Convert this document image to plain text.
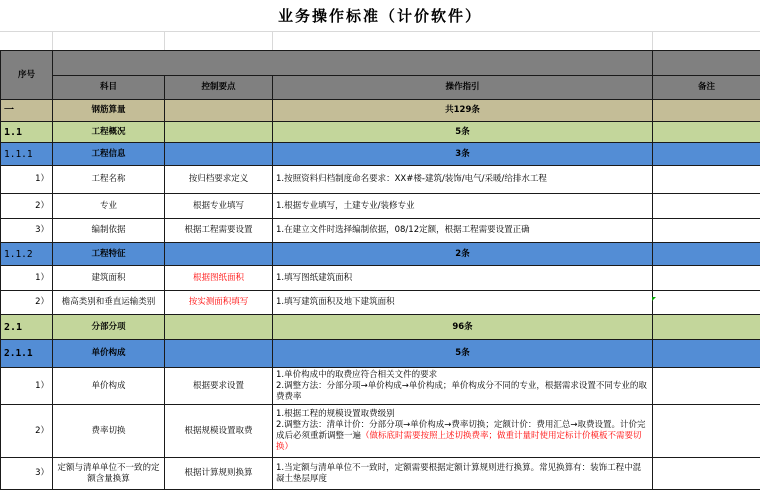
业务操作标准（计价软件）
序号				
	科目	控制要点	操作指引	备注
一	钢筋算量		共129条	
1.1	工程概况		5条	
1.1.1	工程信息		3条	
1）	工程名称	按归档要求定义	1.按照资料归档制度命名要求：XX#楼-建筑/装饰/电气/采暖/给排水工程	
2）	专业	根据专业填写	1.根据专业填写，土建专业/装修专业	
3）	编制依据	根据工程需要设置	1.在建立文件时选择编制依据，08/12定额，根据工程需要设置正确	
1.1.2	工程特征		2条	
1）	建筑面积	根据图纸面积	1.填写图纸建筑面积	
2）	檐高类别和垂直运输类别	按实测面积填写	1.填写建筑面积及地下建筑面积	
2.1	分部分项		96条	
2.1.1	单价构成		5条	
1）	单价构成	根据要求设置	1.单价构成中的取费应符合相关文件的要求
2.调整方法：分部分项→单价构成→单价构成；单价构成分不同的专业，根据需求设置不同专业的取费费率	

2）	费率切换	根据规模设置取费	1.根据工程的规模设置取费级别
2.调整方法：清单计价：分部分项→单价构成→费率切换；定额计价：费用汇总→取费设置。计价完成后必须重新调整一遍（做标底时需要按照上述切换费率；做重计量时使用定标计价模板不需要切换）	

3）	定额与清单单位不一致的定额含量换算	根据计算规则换算	1.当定额与清单单位不一致时，定额需要根据定额计算规则进行换算。常见换算有：装饰工程中混凝土垫层厚度	
